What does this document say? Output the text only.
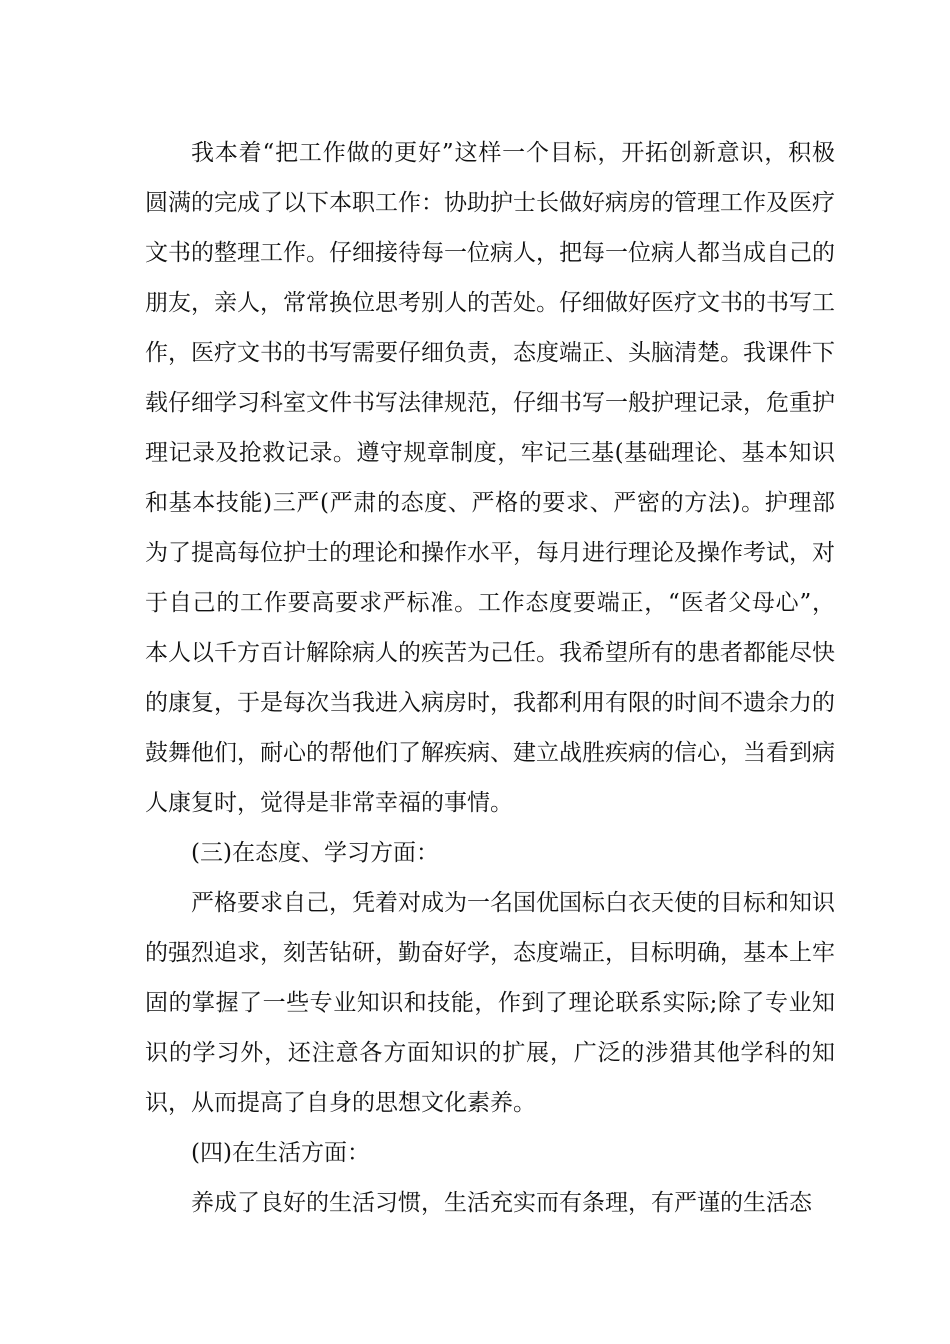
我本着“把工作做的更好”这样一个目标，开拓创新意识，积极圆满的完成了以下本职工作：协助护士长做好病房的管理工作及医疗文书的整理工作。仔细接待每一位病人，把每一位病人都当成自己的朋友，亲人，常常换位思考别人的苦处。仔细做好医疗文书的书写工作，医疗文书的书写需要仔细负责，态度端正、头脑清楚。我课件下载仔细学习科室文件书写法律规范，仔细书写一般护理记录，危重护理记录及抢救记录。遵守规章制度，牢记三基(基础理论、基本知识和基本技能)三严(严肃的态度、严格的要求、严密的方法)。护理部为了提高每位护士的理论和操作水平，每月进行理论及操作考试，对于自己的工作要高要求严标准。工作态度要端正，“医者父母心”，本人以千方百计解除病人的疾苦为己任。我希望所有的患者都能尽快的康复，于是每次当我进入病房时，我都利用有限的时间不遗余力的鼓舞他们，耐心的帮他们了解疾病、建立战胜疾病的信心，当看到病人康复时，觉得是非常幸福的事情。

(三)在态度、学习方面：

严格要求自己，凭着对成为一名国优国标白衣天使的目标和知识的强烈追求，刻苦钻研，勤奋好学，态度端正，目标明确，基本上牢固的掌握了一些专业知识和技能，作到了理论联系实际;除了专业知识的学习外，还注意各方面知识的扩展，广泛的涉猎其他学科的知识，从而提高了自身的思想文化素养。

(四)在生活方面：

养成了良好的生活习惯，生活充实而有条理，有严谨的生活态
